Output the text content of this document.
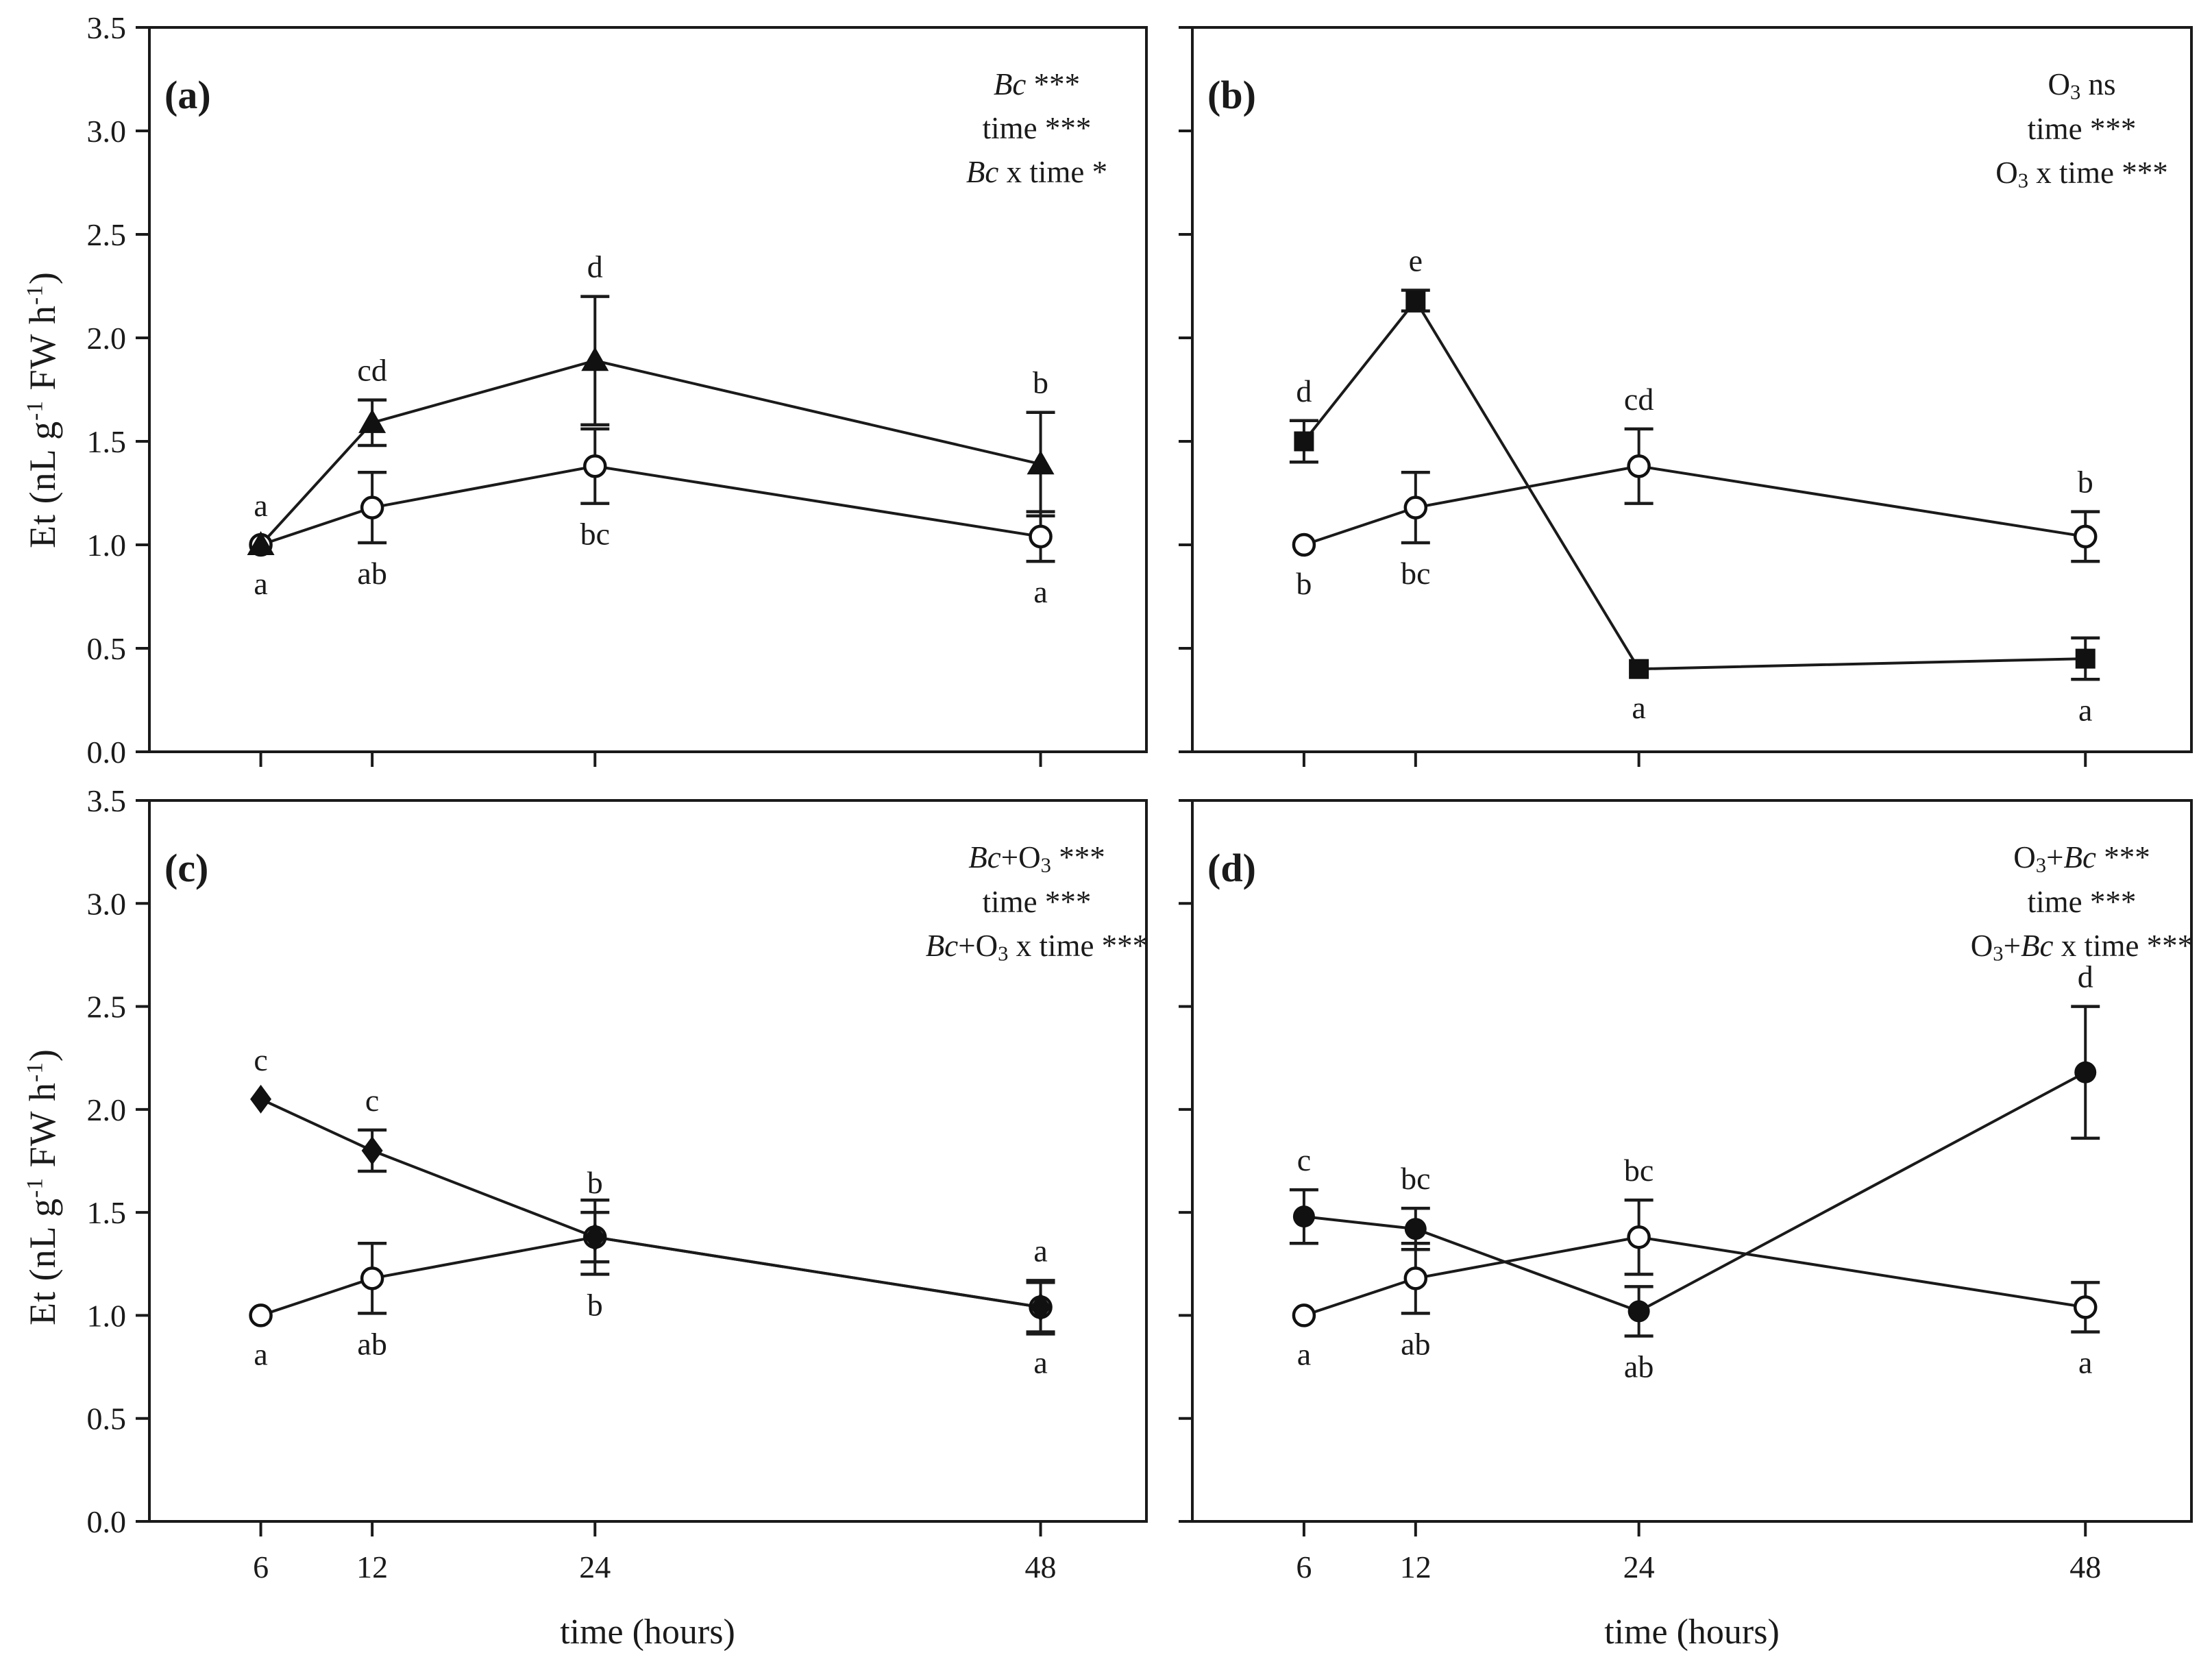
0.0
0.5
1.0
1.5
2.0
2.5
3.0
3.5
a	ab
bc
a
a
cd
d
b
(a)
b	bc
cd
b
d
e
a	a
(b)
0.0
0.5
1.0
1.5
2.0
2.5
3.0
3.5
6	12	24	48
a	ab
b
a
c
c
b
a
(c)
6	12	24	48
a	ab
bc
a
c
bc
ab
d
(d)
Et (nL $g^{-1}$ FW $h^{-1}$)
Et (nL $g^{-1}$ FW $h^{-1}$)
time (hours)	time (hours)
Bc ***
time ***
Bc x time *
O3 ns
time ***
O3 x time ***
Bc+O3 ***
time ***
Bc+O3 x time ***
O3+Bc ***
time ***
O3+Bc x time ***
